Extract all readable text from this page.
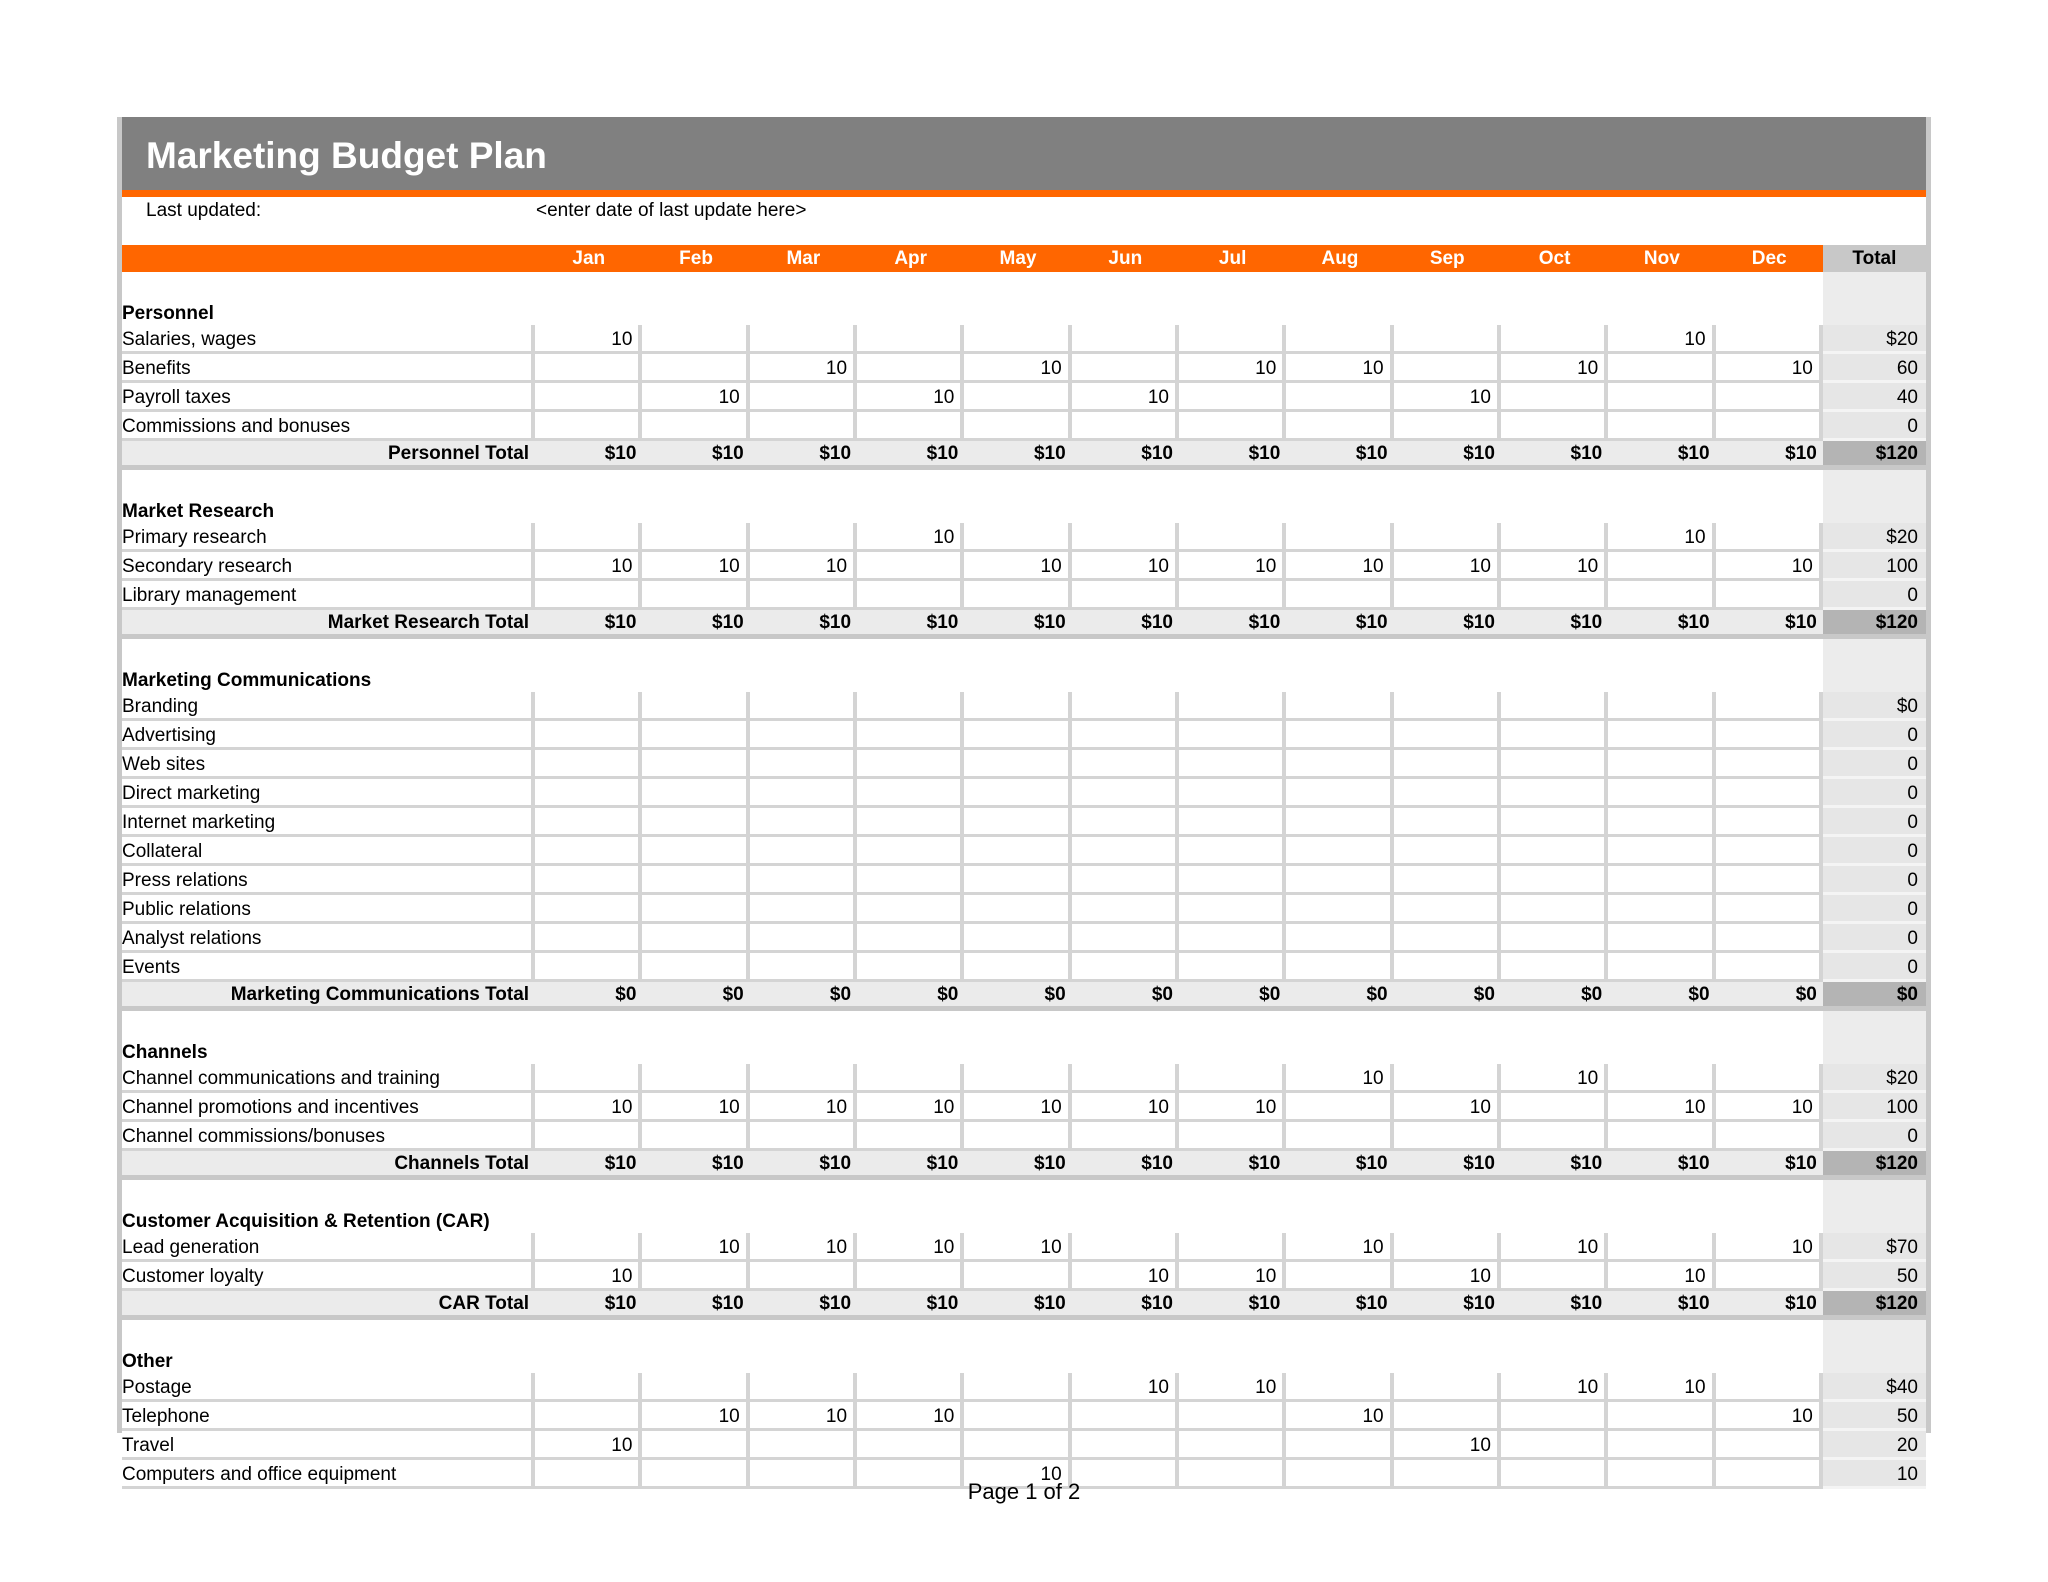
Marketing Budget Plan
Last updated:	<enter date of last update here>
	Jan	Feb	Mar	Apr	May	Jun	Jul	Aug	Sep	Oct	Nov	Dec	Total

Personnel													
Salaries, wages	10										10		$20
Benefits			10		10		10	10		10		10	60
Payroll taxes		10		10		10			10				40
Commissions and bonuses													0
Personnel Total	$10	$10	$10	$10	$10	$10	$10	$10	$10	$10	$10	$10	$120

Market Research													
Primary research				10							10		$20
Secondary research	10	10	10		10	10	10	10	10	10		10	100
Library management													0
Market Research Total	$10	$10	$10	$10	$10	$10	$10	$10	$10	$10	$10	$10	$120

Marketing Communications													
Branding													$0
Advertising													0
Web sites													0
Direct marketing													0
Internet marketing													0
Collateral													0
Press relations													0
Public relations													0
Analyst relations													0
Events													0
Marketing Communications Total	$0	$0	$0	$0	$0	$0	$0	$0	$0	$0	$0	$0	$0

Channels													
Channel communications and training								10		10			$20
Channel promotions and incentives	10	10	10	10	10	10	10		10		10	10	100
Channel commissions/bonuses													0
Channels Total	$10	$10	$10	$10	$10	$10	$10	$10	$10	$10	$10	$10	$120

Customer Acquisition & Retention (CAR)													
Lead generation		10	10	10	10			10		10		10	$70
Customer loyalty	10					10	10		10		10		50
CAR Total	$10	$10	$10	$10	$10	$10	$10	$10	$10	$10	$10	$10	$120

Other													
Postage						10	10			10	10		$40
Telephone		10	10	10				10				10	50
Travel	10								10				20
Computers and office equipment					10								10
Page 1 of 2
